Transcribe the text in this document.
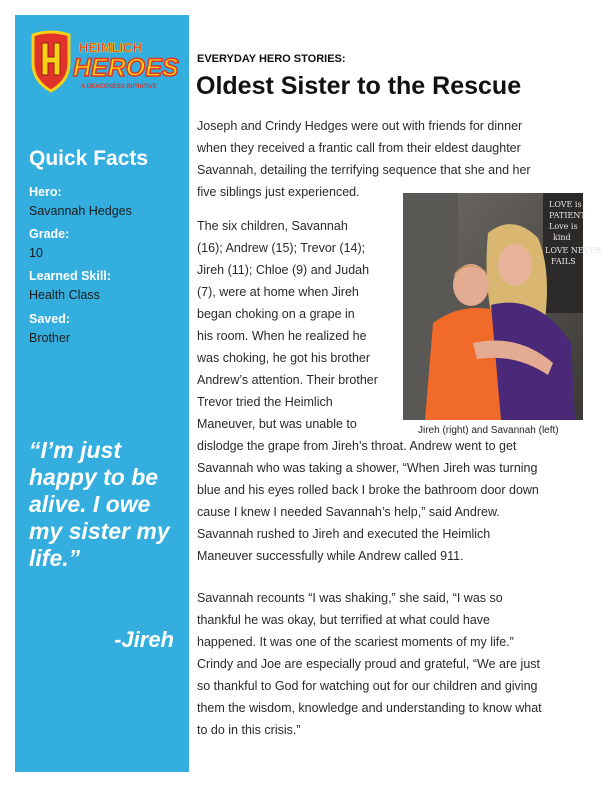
HEIMLICH
HEROES
A DEACONESS INITIATIVE
Quick Facts
Hero:
Savannah Hedges
Grade:
10
Learned Skill:
Health Class
Saved:
Brother

“I’m just happy to be alive. I owe my sister my life.”

-Jireh
EVERYDAY HERO STORIES:
Oldest Sister to the Rescue

Joseph and Crindy Hedges were out with friends for dinner
when they received a frantic call from their eldest daughter
Savannah, detailing the terrifying sequence that she and her
five siblings just experienced.

The six children, Savannah
(16); Andrew (15); Trevor (14);
Jireh (11); Chloe (9) and Judah
(7), were at home when Jireh
began choking on a grape in
his room. When he realized he
was choking, he got his brother
Andrew’s attention. Their brother
Trevor tried the Heimlich
Maneuver, but was unable to
dislodge the grape from Jireh’s throat. Andrew went to get
Savannah who was taking a shower, “When Jireh was turning
blue and his eyes rolled back I broke the bathroom door down
cause I knew I needed Savannah’s help,” said Andrew.
Savannah rushed to Jireh and executed the Heimlich
Maneuver successfully while Andrew called 911.

Savannah recounts “I was shaking,” she said, “I was so
thankful he was okay, but terrified at what could have
happened. It was one of the scariest moments of my life.”
Crindy and Joe are especially proud and grateful, “We are just
so thankful to God for watching out for our children and giving
them the wisdom, knowledge and understanding to know what
to do in this crisis.”

LOVE is
PATIENT
Love is
kind
LOVE NEVER
FAILS
Jireh (right) and Savannah (left)
